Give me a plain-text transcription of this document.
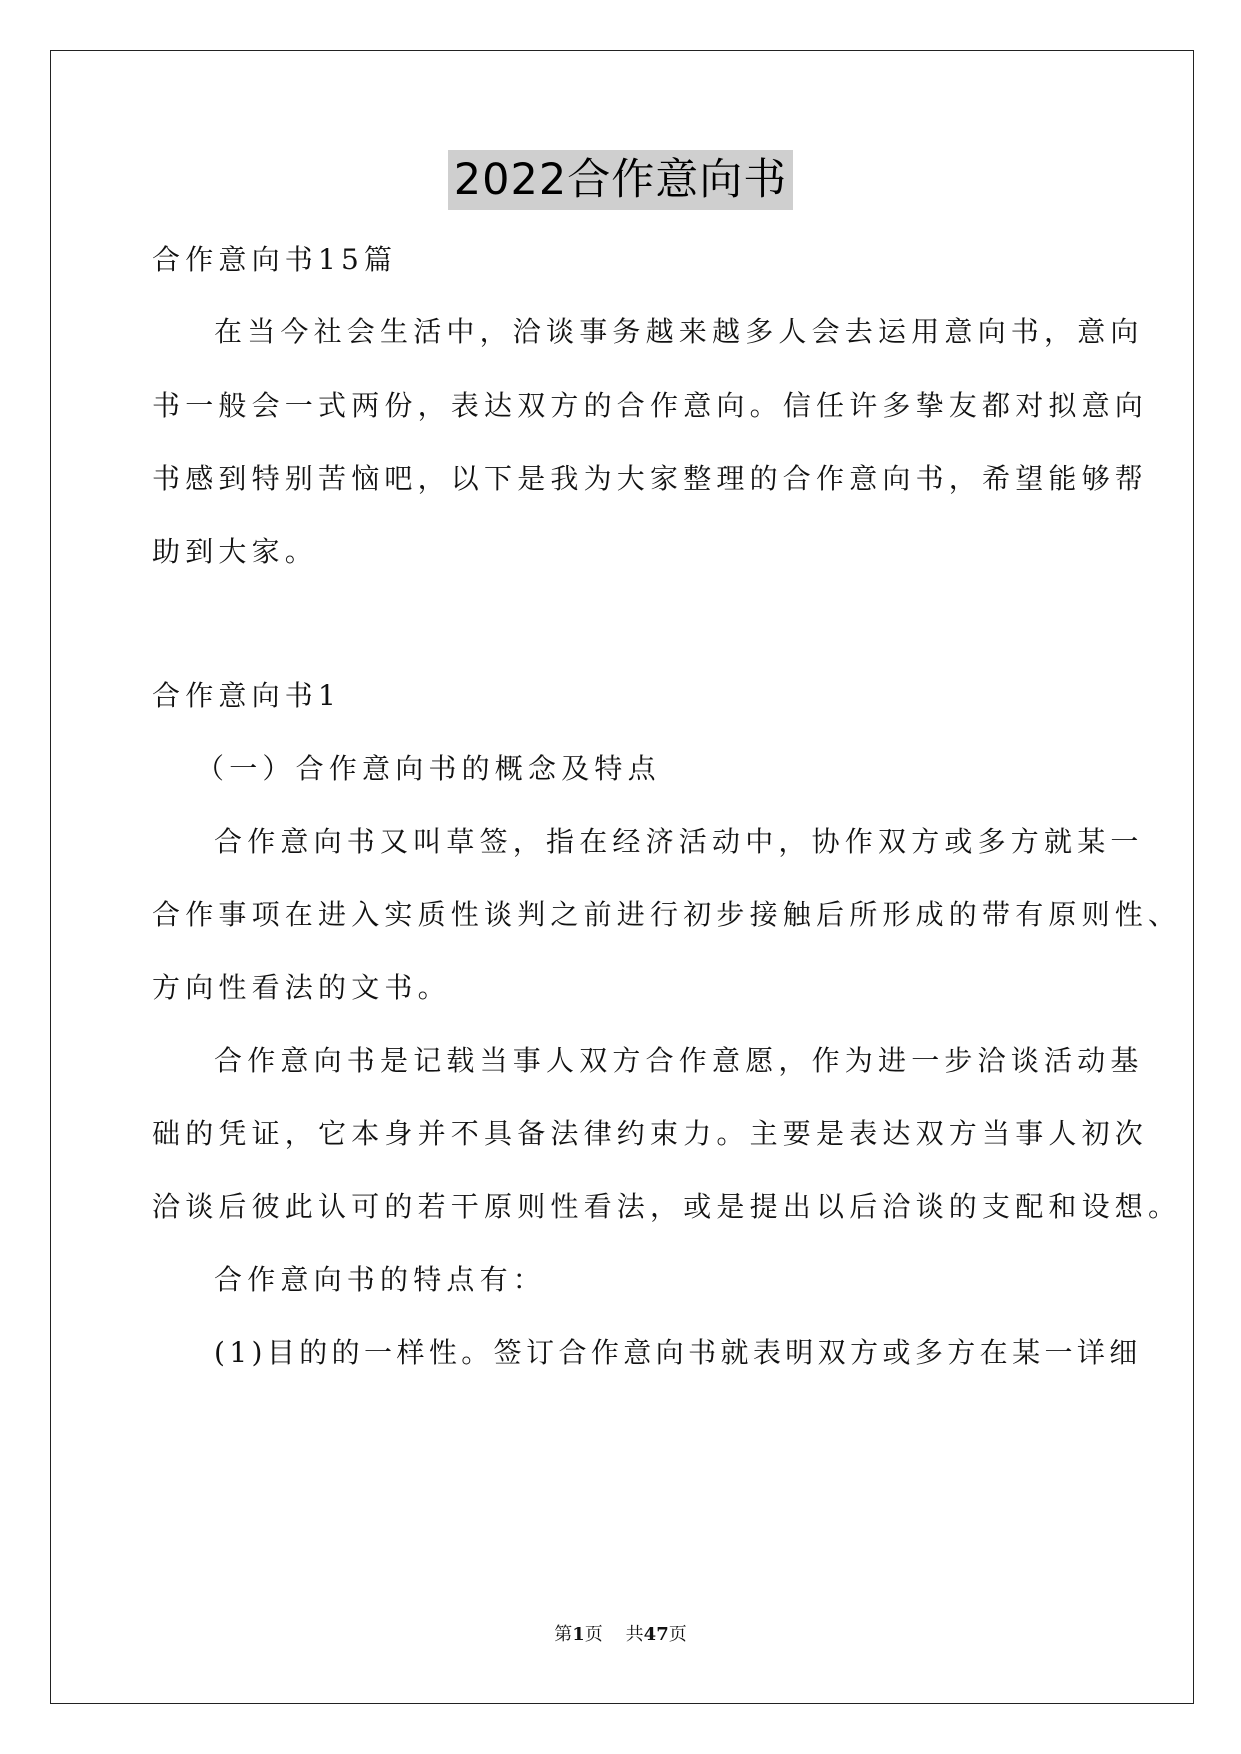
2022合作意向书
合作意向书15篇
在当今社会生活中，洽谈事务越来越多人会去运用意向书，意向
书一般会一式两份，表达双方的合作意向。信任许多挚友都对拟意向
书感到特别苦恼吧，以下是我为大家整理的合作意向书，希望能够帮
助到大家。
合作意向书1
（一）合作意向书的概念及特点
合作意向书又叫草签，指在经济活动中，协作双方或多方就某一
合作事项在进入实质性谈判之前进行初步接触后所形成的带有原则性、
方向性看法的文书。
合作意向书是记载当事人双方合作意愿，作为进一步洽谈活动基
础的凭证，它本身并不具备法律约束力。主要是表达双方当事人初次
洽谈后彼此认可的若干原则性看法，或是提出以后洽谈的支配和设想。
合作意向书的特点有：
(1)目的的一样性。签订合作意向书就表明双方或多方在某一详细
第1页 共47页
